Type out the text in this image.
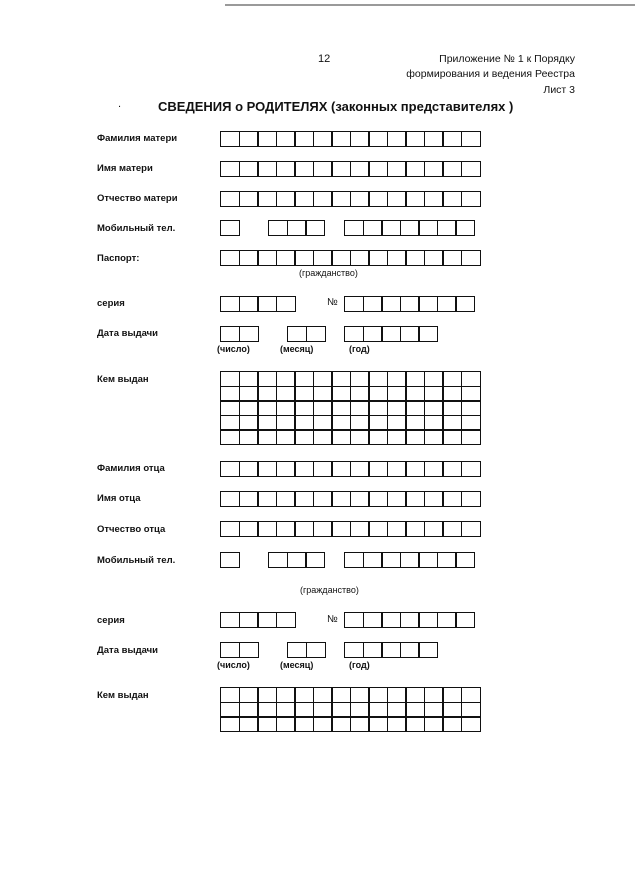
12	Приложение № 1 к Порядку
формирования и ведения Реестра
Лист 3
.	СВЕДЕНИЯ о РОДИТЕЛЯХ (законных представителях )
Фамилия матери
Имя матери
Отчество матери
Мобильный тел.
Паспорт:
(гражданство)
серия	№
Дата выдачи
(число)	(месяц)	(год)
Кем выдан
Фамилия отца
Имя отца
Отчество отца
Мобильный тел.
(гражданство)
серия	№
Дата выдачи
(число)	(месяц)	(год)
Кем выдан
